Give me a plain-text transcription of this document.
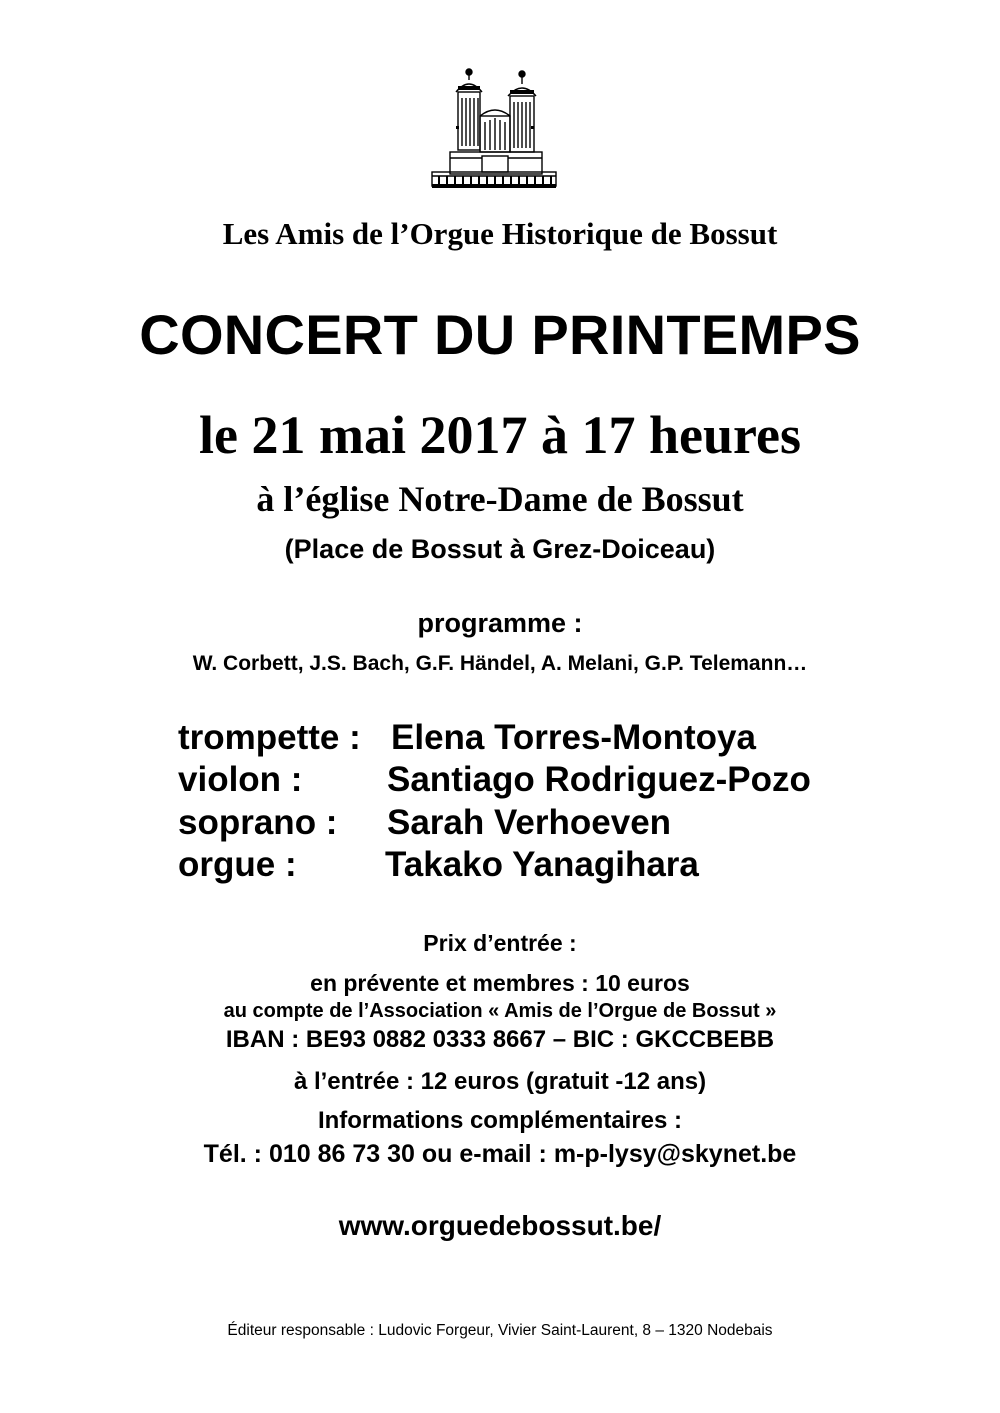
Les Amis de l’Orgue Historique de Bossut
CONCERT DU PRINTEMPS
le 21 mai 2017 à 17 heures
à l’église Notre-Dame de Bossut
(Place de Bossut à Grez-Doiceau)
programme :
W. Corbett, J.S. Bach, G.F. Händel, A. Melani, G.P. Telemann…
trompette : Elena Torres-Montoya
violon : Santiago Rodriguez-Pozo
soprano : Sarah Verhoeven
orgue :	Takako Yanagihara
Prix d’entrée :
en prévente et membres : 10 euros
au compte de l’Association « Amis de l’Orgue de Bossut »
IBAN : BE93 0882 0333 8667 – BIC : GKCCBEBB
à l’entrée : 12 euros (gratuit -12 ans)
Informations complémentaires :
Tél. : 010 86 73 30 ou e-mail : m-p-lysy@skynet.be
www.orguedebossut.be/
Éditeur responsable : Ludovic Forgeur, Vivier Saint-Laurent, 8 – 1320 Nodebais
